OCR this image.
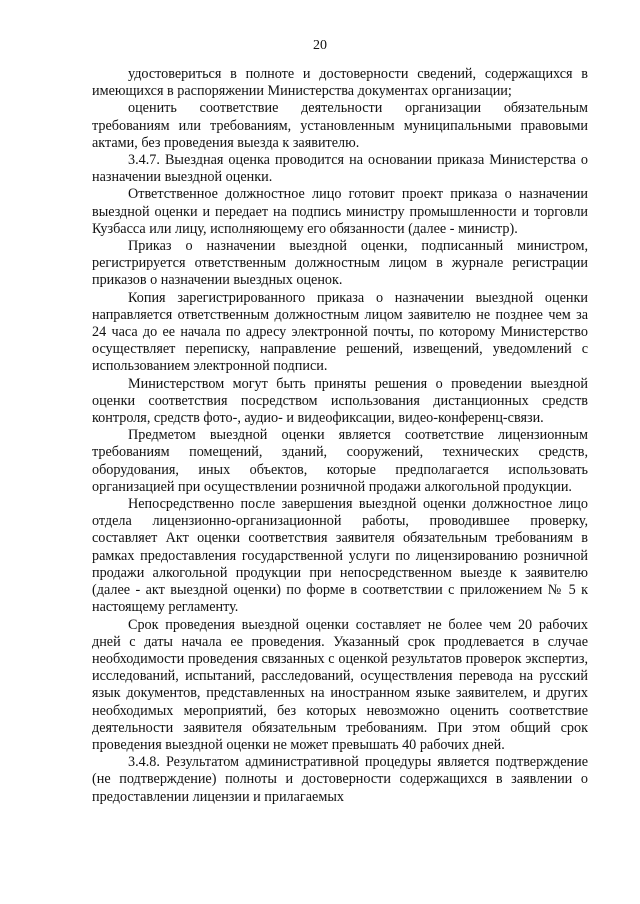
20

удостовериться в полноте и достоверности сведений, содержащихся в имеющихся в распоряжении Министерства документах организации;

оценить соответствие деятельности организации обязательным требованиям или требованиям, установленным муниципальными правовыми актами, без проведения выезда к заявителю.

3.4.7. Выездная оценка проводится на основании приказа Министерства о назначении выездной оценки.

Ответственное должностное лицо готовит проект приказа о назначении выездной оценки и передает на подпись министру промышленности и торговли Кузбасса или лицу, исполняющему его обязанности (далее - министр).

Приказ о назначении выездной оценки, подписанный министром, регистрируется ответственным должностным лицом в журнале регистрации приказов о назначении выездных оценок.

Копия зарегистрированного приказа о назначении выездной оценки направляется ответственным должностным лицом заявителю не позднее чем за 24 часа до ее начала по адресу электронной почты, по которому Министерство осуществляет переписку, направление решений, извещений, уведомлений с использованием электронной подписи.

Министерством могут быть приняты решения о проведении выездной оценки соответствия посредством использования дистанционных средств контроля, средств фото-, аудио- и видеофиксации, видео-конференц-связи.

Предметом выездной оценки является соответствие лицензионным требованиям помещений, зданий, сооружений, технических средств, оборудования, иных объектов, которые предполагается использовать организацией при осуществлении розничной продажи алкогольной продукции.

Непосредственно после завершения выездной оценки должностное лицо отдела лицензионно-организационной работы, проводившее проверку, составляет Акт оценки соответствия заявителя обязательным требованиям в рамках предоставления государственной услуги по лицензированию розничной продажи алкогольной продукции при непосредственном выезде к заявителю (далее - акт выездной оценки) по форме в соответствии с приложением № 5 к настоящему регламенту.

Срок проведения выездной оценки составляет не более чем 20 рабочих дней с даты начала ее проведения. Указанный срок продлевается в случае необходимости проведения связанных с оценкой результатов проверок экспертиз, исследований, испытаний, расследований, осуществления перевода на русский язык документов, представленных на иностранном языке заявителем, и других необходимых мероприятий, без которых невозможно оценить соответствие деятельности заявителя обязательным требованиям. При этом общий срок проведения выездной оценки не может превышать 40 рабочих дней.

3.4.8. Результатом административной процедуры является подтверждение (не подтверждение) полноты и достоверности содержащихся в заявлении о предоставлении лицензии и прилагаемых
